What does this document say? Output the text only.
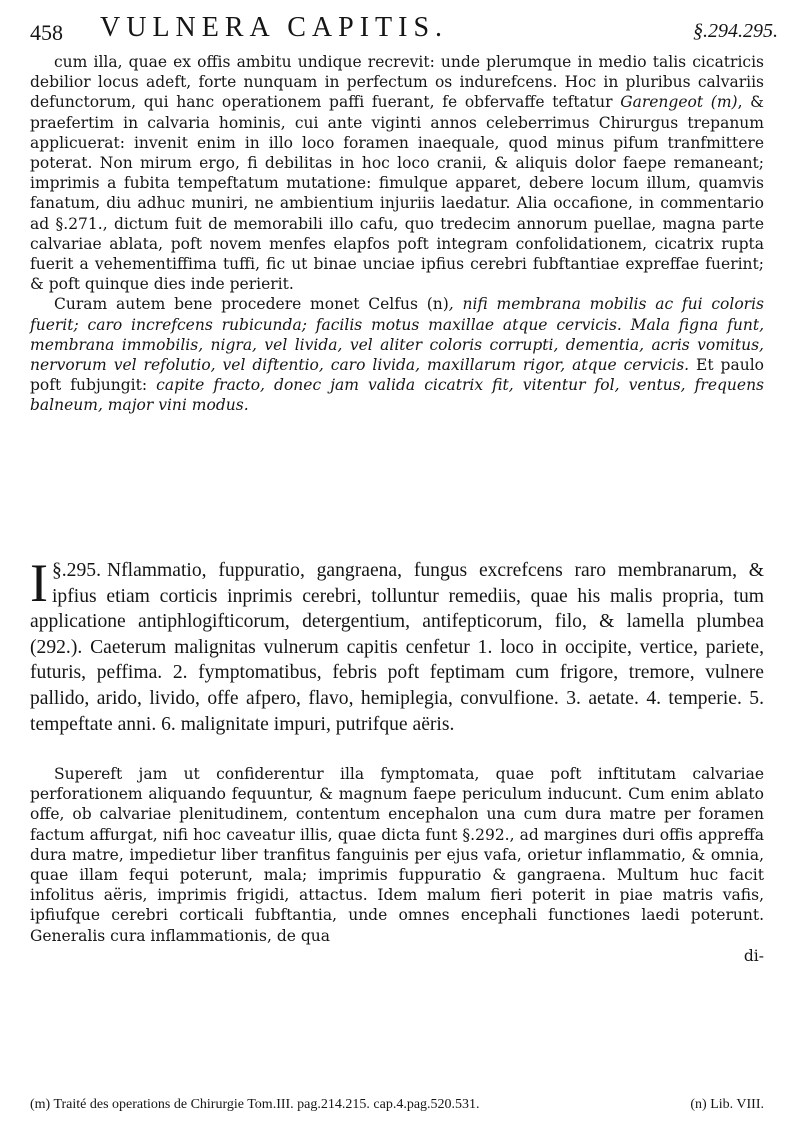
458 VULNERA CAPITIS.	§.294.295.

cum illa, quae ex offis ambitu undique recrevit: unde plerumque in medio talis cicatricis debilior locus adeft, forte nunquam in perfectum os indurefcens. Hoc in pluribus calvariis defunctorum, qui hanc operationem paffi fuerant, fe obfervaffe teftatur Garengeot (m), & praefertim in calvaria hominis, cui ante viginti annos celeberrimus Chirurgus trepanum applicuerat: invenit enim in illo loco foramen inaequale, quod minus pifum tranfmittere poterat. Non mirum ergo, fi debilitas in hoc loco cranii, & aliquis dolor faepe remaneant; imprimis a fubita tempeftatum mutatione: fimulque apparet, debere locum illum, quamvis fanatum, diu adhuc muniri, ne ambientium injuriis laedatur. Alia occafione, in commentario ad §.271., dictum fuit de memorabili illo cafu, quo tredecim annorum puellae, magna parte calvariae ablata, poft novem menfes elapfos poft integram confolidationem, cicatrix rupta fuerit a vehementiffima tuffi, fic ut binae unciae ipfius cerebri fubftantiae expreffae fuerint; & poft quinque dies inde perierit.

Curam autem bene procedere monet Celfus (n), nifi membrana mobilis ac fui coloris fuerit; caro increfcens rubicunda; facilis motus maxillae atque cervicis. Mala figna funt, membrana immobilis, nigra, vel livida, vel aliter coloris corrupti, dementia, acris vomitus, nervorum vel refolutio, vel diftentio, caro livida, maxillarum rigor, atque cervicis. Et paulo poft fubjungit: capite fracto, donec jam valida cicatrix fit, vitentur fol, ventus, frequens balneum, major vini modus.

§.295.
I	Nflammatio, fuppuratio, gangraena, fungus excrefcens raro membranarum, & ipfius etiam corticis inprimis cerebri, tolluntur remediis, quae his malis propria, tum applicatione antiphlogifticorum, detergentium, antifepticorum, filo, & lamella plumbea (292.). Caeterum malignitas vulnerum capitis cenfetur 1. loco in occipite, vertice, pariete, futuris, peffima. 2. fymptomatibus, febris poft feptimam cum frigore, tremore, vulnere pallido, arido, livido, offe afpero, flavo, hemiplegia, convulfione. 3. aetate. 4. temperie. 5. tempeftate anni. 6. malignitate impuri, putrifque aëris.

Supereft jam ut confiderentur illa fymptomata, quae poft inftitutam calvariae perforationem aliquando fequuntur, & magnum faepe periculum inducunt. Cum enim ablato offe, ob calvariae plenitudinem, contentum encephalon una cum dura matre per foramen factum affurgat, nifi hoc caveatur illis, quae dicta funt §.292., ad margines duri offis appreffa dura matre, impedietur liber tranfitus fanguinis per ejus vafa, orietur inflammatio, & omnia, quae illam fequi poterunt, mala; imprimis fuppuratio & gangraena. Multum huc facit infolitus aëris, imprimis frigidi, attactus. Idem malum fieri poterit in piae matris vafis, ipfiufque cerebri corticali fubftantia, unde omnes encephali functiones laedi poterunt. Generalis cura inflammationis, de qua

di-
(n) Lib. VIII.
(m) Traité des operations de Chirurgie Tom.III. pag.214.215. cap.4.pag.520.531.
